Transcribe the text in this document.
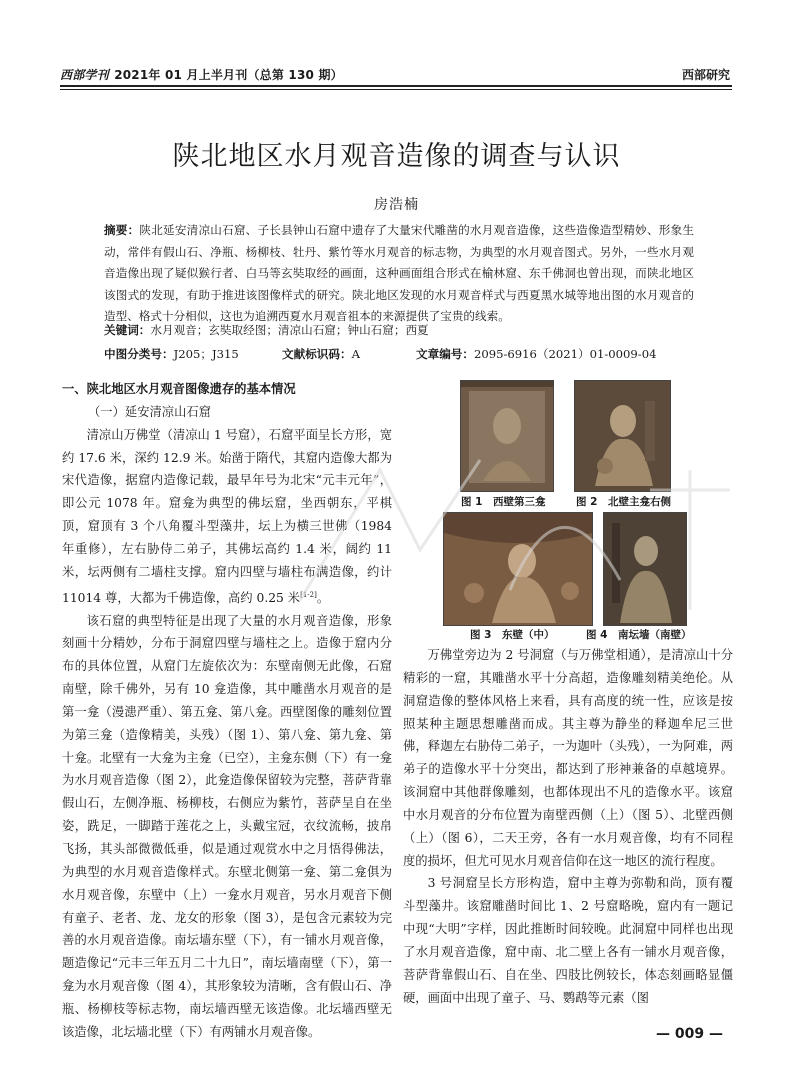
西部学刊 2021年 01 月上半月刊（总第 130 期）	西部研究
陕北地区水月观音造像的调查与认识
房浩楠
摘要：陕北延安清凉山石窟、子长县钟山石窟中遗存了大量宋代雕凿的水月观音造像，这些造像造型精妙、形象生动，常伴有假山石、净瓶、杨柳枝、牡丹、紫竹等水月观音的标志物，为典型的水月观音图式。另外，一些水月观音造像出现了疑似猴行者、白马等玄奘取经的画面，这种画面组合形式在榆林窟、东千佛洞也曾出现，而陕北地区该图式的发现，有助于推进该图像样式的研究。陕北地区发现的水月观音样式与西夏黑水城等地出图的水月观音的造型、格式十分相似，这也为追溯西夏水月观音祖本的来源提供了宝贵的线索。
关键词：水月观音；玄奘取经图；清凉山石窟；钟山石窟；西夏
中图分类号：J205；J315	文献标识码：A	文章编号：2095-6916（2021）01-0009-04
一、陕北地区水月观音图像遗存的基本情况
（一）延安清凉山石窟

清凉山万佛堂（清凉山 1 号窟），石窟平面呈长方形，宽约 17.6 米，深约 12.9 米。始凿于隋代，其窟内造像大都为宋代造像，据窟内造像记载，最早年号为北宋“元丰元年”，即公元 1078 年。窟龛为典型的佛坛窟，坐西朝东，平棋顶，窟顶有 3 个八角覆斗型藻井，坛上为横三世佛（1984 年重修），左右胁侍二弟子，其佛坛高约 1.4 米，阔约 11 米，坛两侧有二墙柱支撑。窟内四壁与墙柱布满造像，约计 11014 尊，大都为千佛造像，高约 0.25 米[1-2]。

该石窟的典型特征是出现了大量的水月观音造像，形象刻画十分精妙，分布于洞窟四壁与墙柱之上。造像于窟内分布的具体位置，从窟门左旋依次为：东壁南侧无此像，石窟南壁，除千佛外，另有 10 龛造像，其中雕凿水月观音的是第一龛（漫漶严重）、第五龛、第八龛。西壁图像的雕刻位置为第三龛（造像精美，头残）（图 1）、第八龛、第九龛、第十龛。北壁有一大龛为主龛（已空），主龛东侧（下）有一龛为水月观音造像（图 2），此龛造像保留较为完整，菩萨背靠假山石，左侧净瓶、杨柳枝，右侧应为紫竹，菩萨呈自在坐姿，跣足，一脚踏于莲花之上，头戴宝冠，衣纹流畅，披帛飞扬，其头部微微低垂，似是通过观赏水中之月悟得佛法，为典型的水月观音造像样式。东壁北侧第一龛、第二龛俱为水月观音像，东壁中（上）一龛水月观音，另水月观音下侧有童子、老者、龙、龙女的形象（图 3），是包含元素较为完善的水月观音造像。南坛墙东壁（下），有一铺水月观音像，题造像记“元丰三年五月二十九日”，南坛墙南壁（下），第一龛为水月观音像（图 4），其形象较为清晰，含有假山石、净瓶、杨柳枝等标志物，南坛墙西壁无该造像。北坛墙西壁无该造像，北坛墙北壁（下）有两铺水月观音像。

图 1　西壁第三龛	图 2　北壁主龛右侧
图 3　东壁（中）	图 4　南坛墙（南壁）

万佛堂旁边为 2 号洞窟（与万佛堂相通），是清凉山十分精彩的一窟，其雕凿水平十分高超，造像雕刻精美绝伦。从洞窟造像的整体风格上来看，具有高度的统一性，应该是按照某种主题思想雕凿而成。其主尊为静坐的释迦牟尼三世佛，释迦左右胁侍二弟子，一为迦叶（头残），一为阿难，两弟子的造像水平十分突出，都达到了形神兼备的卓越境界。该洞窟中其他群像雕刻，也都体现出不凡的造像水平。该窟中水月观音的分布位置为南壁西侧（上）（图 5）、北壁西侧（上）（图 6），二天王旁，各有一水月观音像，均有不同程度的损坏，但尤可见水月观音信仰在这一地区的流行程度。

3 号洞窟呈长方形构造，窟中主尊为弥勒和尚，顶有覆斗型藻井。该窟雕凿时间比 1、2 号窟略晚，窟内有一题记中现“大明”字样，因此推断时间较晚。此洞窟中同样也出现了水月观音造像，窟中南、北二壁上各有一铺水月观音像，菩萨背靠假山石、自在坐、四肢比例较长，体态刻画略显僵硬，画面中出现了童子、马、鹦鹉等元素（图

— 009 —
